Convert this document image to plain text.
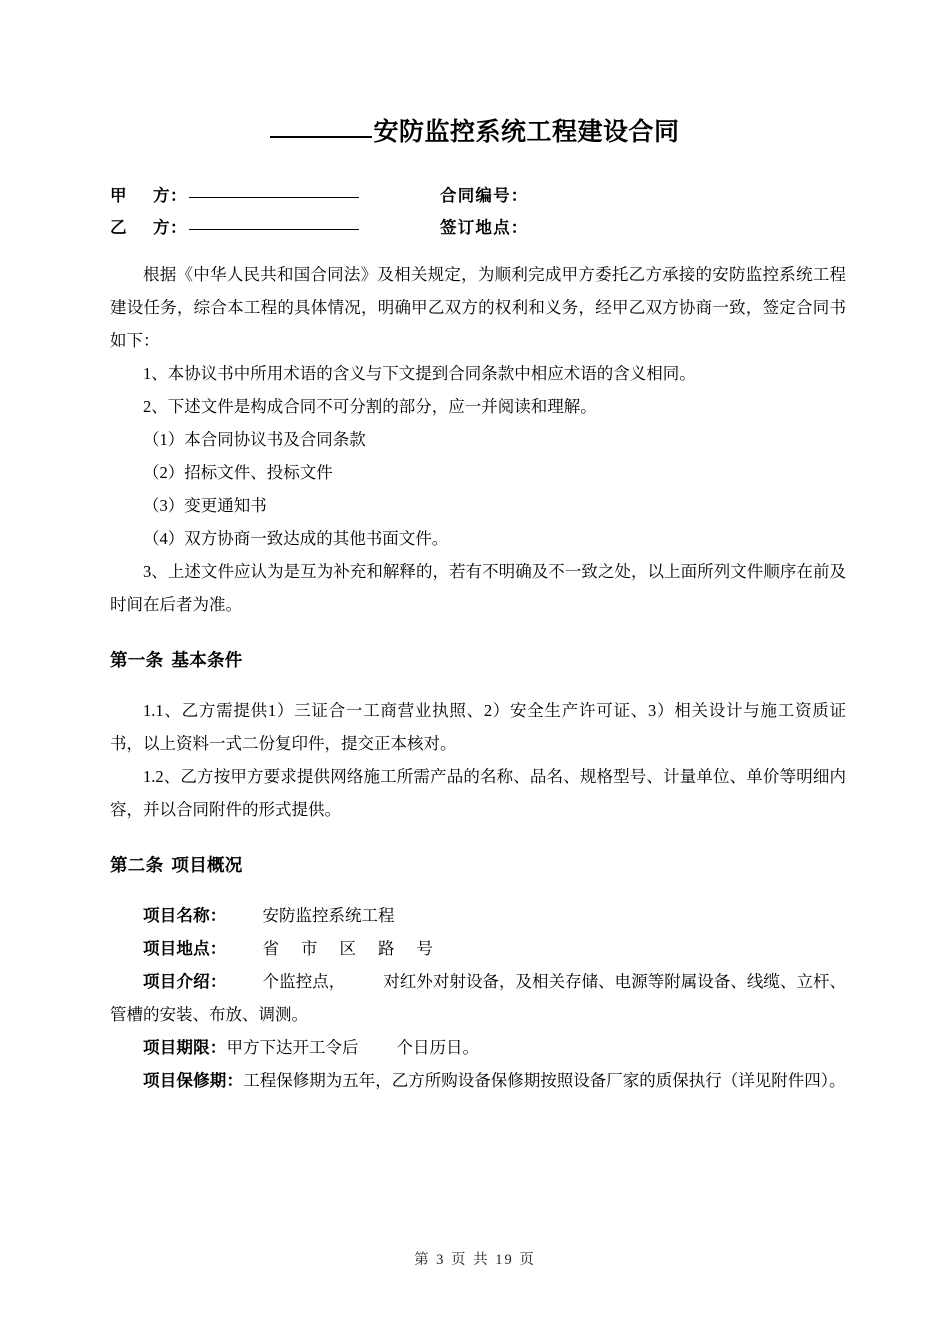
安防监控系统工程建设合同
甲 方：	合同编号：
乙 方：	签订地点：

根据《中华人民共和国合同法》及相关规定，为顺利完成甲方委托乙方承接的安防监控系统工程建设任务，综合本工程的具体情况，明确甲乙双方的权利和义务，经甲乙双方协商一致，签定合同书如下：

1、本协议书中所用术语的含义与下文提到合同条款中相应术语的含义相同。

2、下述文件是构成合同不可分割的部分，应一并阅读和理解。

（1）本合同协议书及合同条款

（2）招标文件、投标文件

（3）变更通知书

（4）双方协商一致达成的其他书面文件。

3、上述文件应认为是互为补充和解释的，若有不明确及不一致之处，以上面所列文件顺序在前及时间在后者为准。

第一条 基本条件

1.1、乙方需提供1）三证合一工商营业执照、2）安全生产许可证、3）相关设计与施工资质证书，以上资料一式二份复印件，提交正本核对。

1.2、乙方按甲方要求提供网络施工所需产品的名称、品名、规格型号、计量单位、单价等明细内容，并以合同附件的形式提供。

第二条 项目概况
项目名称： 安防监控系统工程
项目地点： 省市区路号
项目介绍： 个监控点， 对红外对射设备，及相关存储、电源等附属设备、线缆、立杆、管槽的安装、布放、调测。
项目期限：甲方下达开工令后 个日历日。
项目保修期：工程保修期为五年，乙方所购设备保修期按照设备厂家的质保执行（详见附件四）。
第 3 页 共 19 页
